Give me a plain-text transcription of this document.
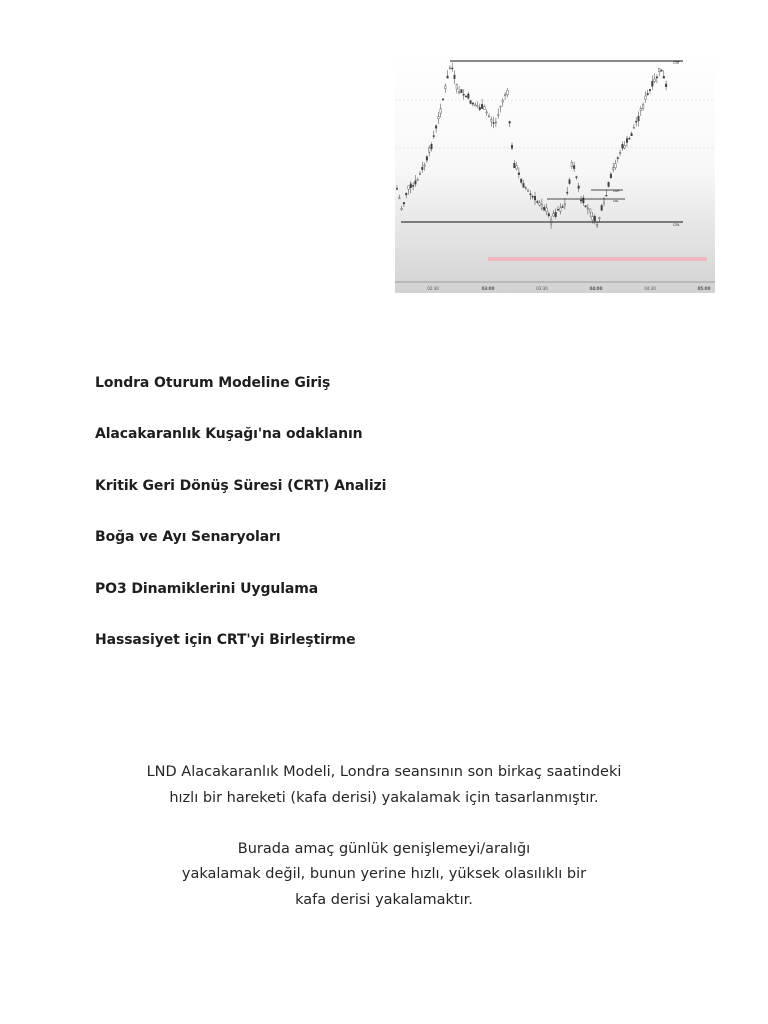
CRT
CRL
CRH
CRL
02:30	03:00	03:30	04:00	04:30	05:00
Londra Oturum Modeline Giriş
Alacakaranlık Kuşağı'na odaklanın
Kritik Geri Dönüş Süresi (CRT) Analizi
Boğa ve Ayı Senaryoları
PO3 Dinamiklerini Uygulama
Hassasiyet için CRT'yi Birleştirme

LND Alacakaranlık Modeli, Londra seansının son birkaç saatindeki
hızlı bir hareketi (kafa derisi) yakalamak için tasarlanmıştır.

Burada amaç günlük genişlemeyi/aralığı
yakalamak değil, bunun yerine hızlı, yüksek olasılıklı bir
kafa derisi yakalamaktır.
